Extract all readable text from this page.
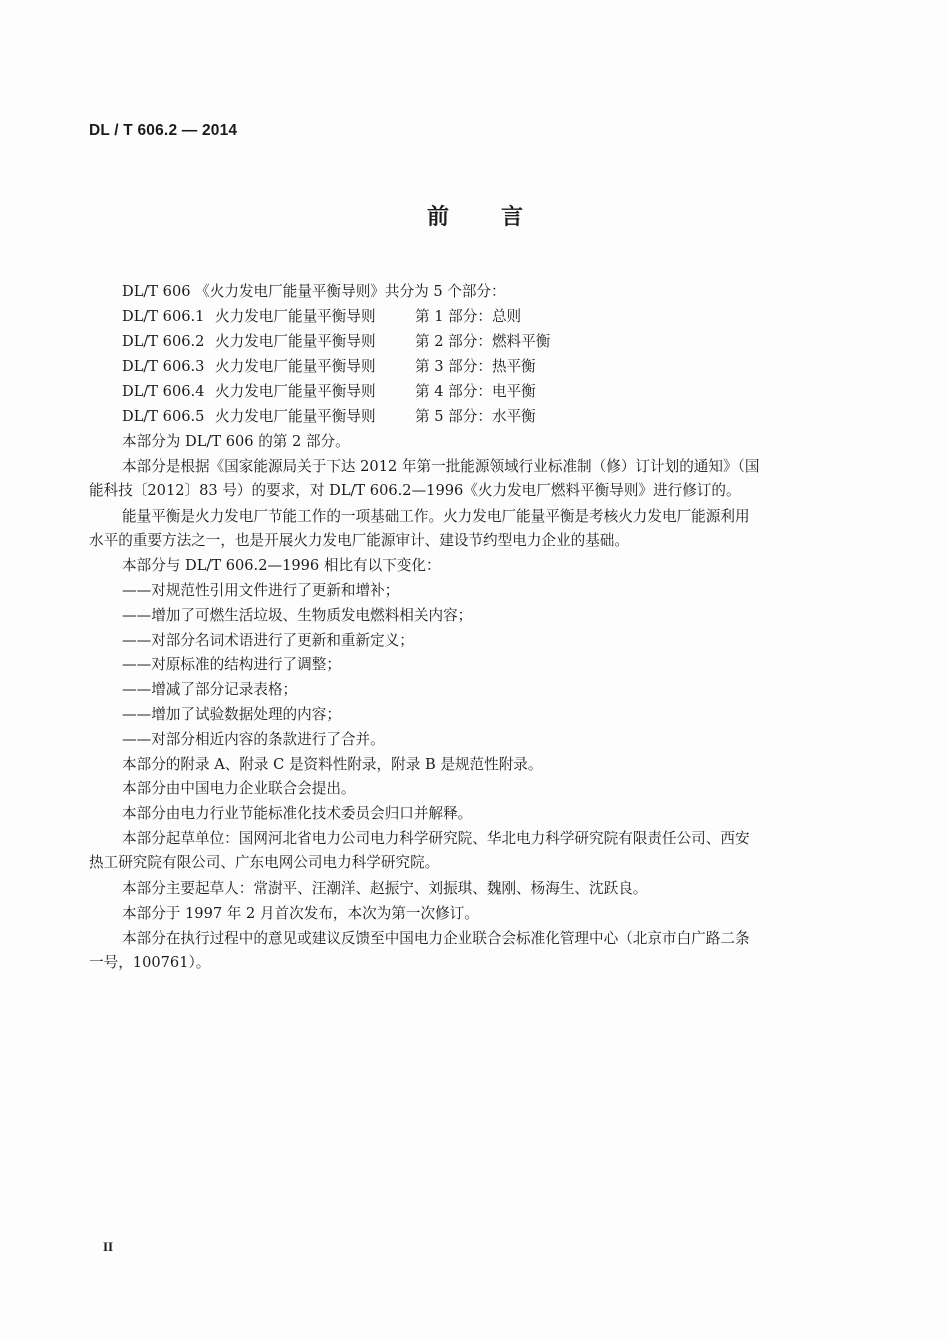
DL / T 606.2 — 2014
前 言
DL/T 606 《火力发电厂能量平衡导则》共分为 5 个部分：
DL/T 606.1 火力发电厂能量平衡导则	第 1 部分：总则
DL/T 606.2 火力发电厂能量平衡导则	第 2 部分：燃料平衡
DL/T 606.3 火力发电厂能量平衡导则	第 3 部分：热平衡
DL/T 606.4 火力发电厂能量平衡导则	第 4 部分：电平衡
DL/T 606.5 火力发电厂能量平衡导则	第 5 部分：水平衡
本部分为 DL/T 606 的第 2 部分。
本部分是根据《国家能源局关于下达 2012 年第一批能源领域行业标准制（修）订计划的通知》（国
能科技〔2012〕83 号）的要求，对 DL/T 606.2—1996《火力发电厂燃料平衡导则》进行修订的。
能量平衡是火力发电厂节能工作的一项基础工作。火力发电厂能量平衡是考核火力发电厂能源利用
水平的重要方法之一，也是开展火力发电厂能源审计、建设节约型电力企业的基础。
本部分与 DL/T 606.2—1996 相比有以下变化：
——对规范性引用文件进行了更新和增补；
——增加了可燃生活垃圾、生物质发电燃料相关内容；
——对部分名词术语进行了更新和重新定义；
——对原标准的结构进行了调整；
——增减了部分记录表格；
——增加了试验数据处理的内容；
——对部分相近内容的条款进行了合并。
本部分的附录 A、附录 C 是资料性附录，附录 B 是规范性附录。
本部分由中国电力企业联合会提出。
本部分由电力行业节能标准化技术委员会归口并解释。
本部分起草单位：国网河北省电力公司电力科学研究院、华北电力科学研究院有限责任公司、西安
热工研究院有限公司、广东电网公司电力科学研究院。
本部分主要起草人：常澍平、汪潮洋、赵振宁、刘振琪、魏刚、杨海生、沈跃良。
本部分于 1997 年 2 月首次发布，本次为第一次修订。
本部分在执行过程中的意见或建议反馈至中国电力企业联合会标准化管理中心（北京市白广路二条
一号，100761）。
II
